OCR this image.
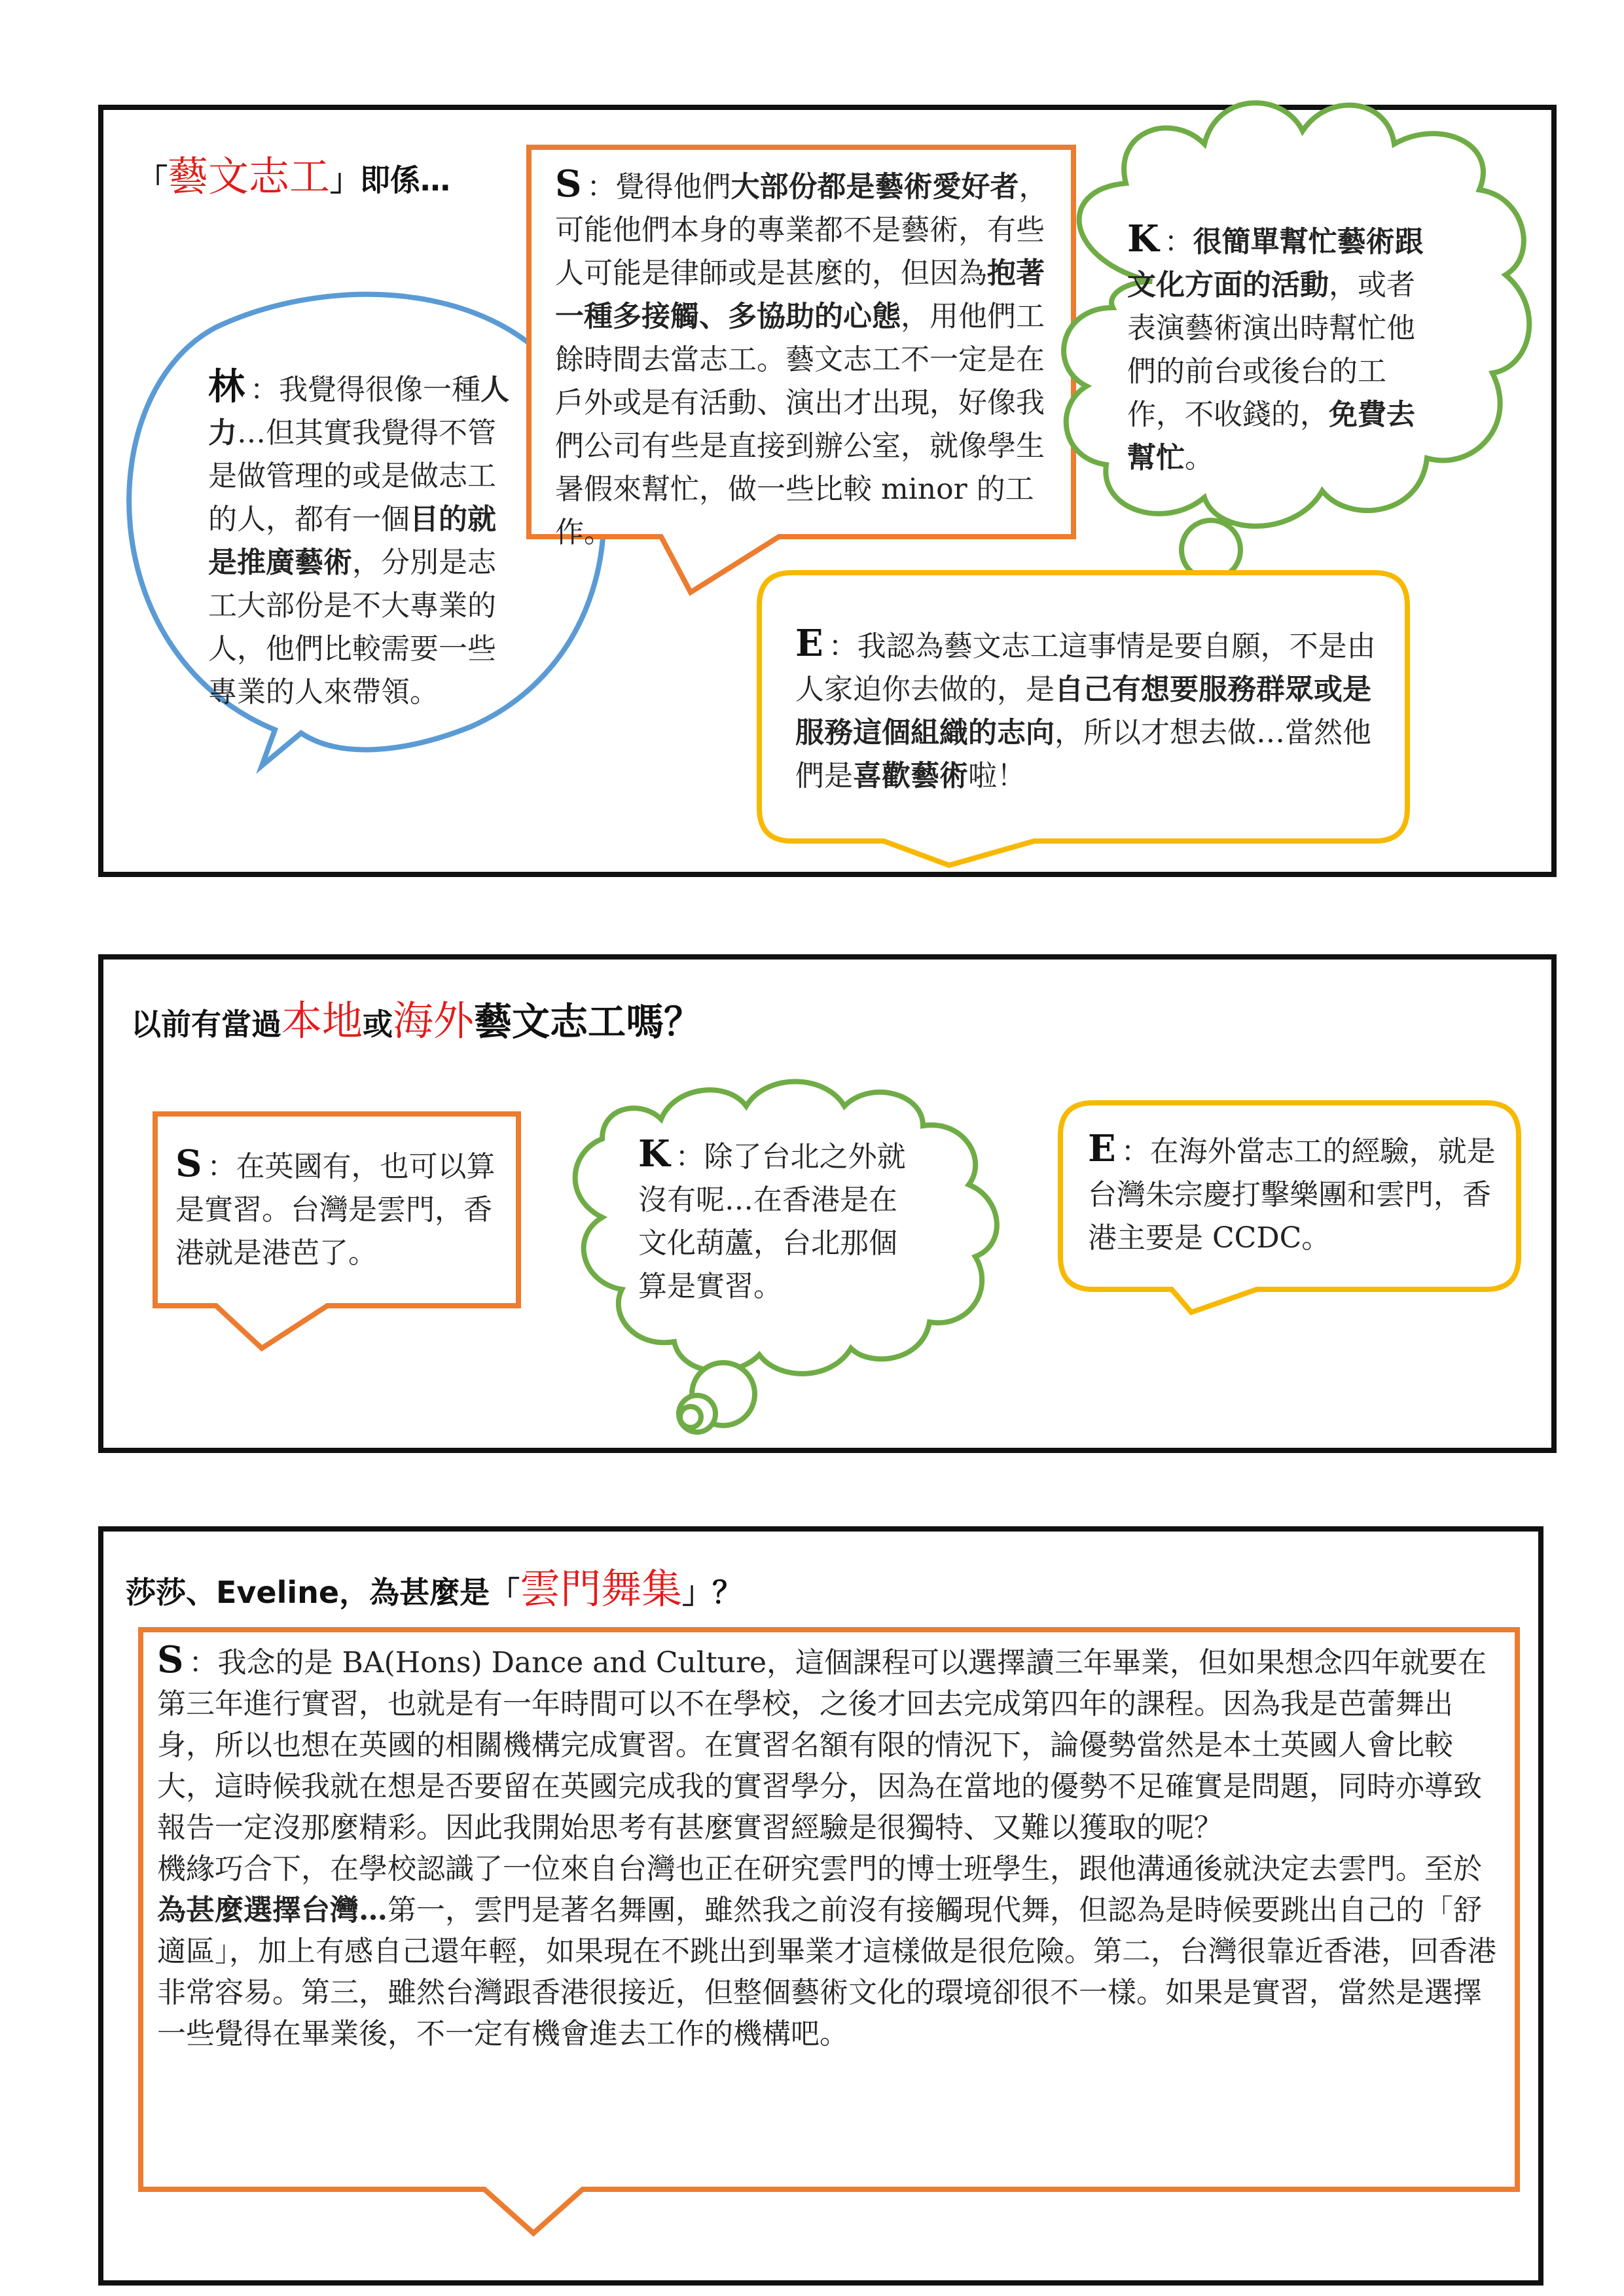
「藝文志工」即係…
林 ：我覺得很像一種人力…但其實我覺得不管是做管理的或是做志工的人，都有一個目的就是推廣藝術，分別是志工大部份是不大專業的人，他們比較需要一些專業的人來帶領。
S ：覺得他們大部份都是藝術愛好者，可能他們本身的專業都不是藝術，有些人可能是律師或是甚麼的，但因為抱著一種多接觸、多協助的心態，用他們工餘時間去當志工。藝文志工不一定是在戶外或是有活動、演出才出現，好像我們公司有些是直接到辦公室，就像學生暑假來幫忙，做一些比較 minor 的工作。
K ：很簡單幫忙藝術跟文化方面的活動，或者表演藝術演出時幫忙他們的前台或後台的工作，不收錢的，免費去幫忙。
E ：我認為藝文志工這事情是要自願，不是由人家迫你去做的，是自己有想要服務群眾或是服務這個組織的志向，所以才想去做…當然他們是喜歡藝術啦！
以前有當過本地或海外藝文志工嗎？
S ：在英國有，也可以算是實習。台灣是雲門，香港就是港芭了。
K ：除了台北之外就沒有呢…在香港是在文化葫蘆，台北那個算是實習。
E ：在海外當志工的經驗，就是台灣朱宗慶打擊樂團和雲門，香港主要是 CCDC。
莎莎、Eveline，為甚麼是「雲門舞集」？
S ：我念的是 BA(Hons) Dance and Culture，這個課程可以選擇讀三年畢業，但如果想念四年就要在第三年進行實習，也就是有一年時間可以不在學校，之後才回去完成第四年的課程。因為我是芭蕾舞出身，所以也想在英國的相關機構完成實習。在實習名額有限的情況下，論優勢當然是本土英國人會比較大，這時候我就在想是否要留在英國完成我的實習學分，因為在當地的優勢不足確實是問題，同時亦導致報告一定沒那麼精彩。因此我開始思考有甚麼實習經驗是很獨特、又難以獲取的呢？
機緣巧合下，在學校認識了一位來自台灣也正在研究雲門的博士班學生，跟他溝通後就決定去雲門。至於為甚麼選擇台灣…第一，雲門是著名舞團，雖然我之前沒有接觸現代舞，但認為是時候要跳出自己的「舒適區」，加上有感自己還年輕，如果現在不跳出到畢業才這樣做是很危險。第二，台灣很靠近香港，回香港非常容易。第三，雖然台灣跟香港很接近，但整個藝術文化的環境卻很不一樣。如果是實習，當然是選擇一些覺得在畢業後，不一定有機會進去工作的機構吧。
